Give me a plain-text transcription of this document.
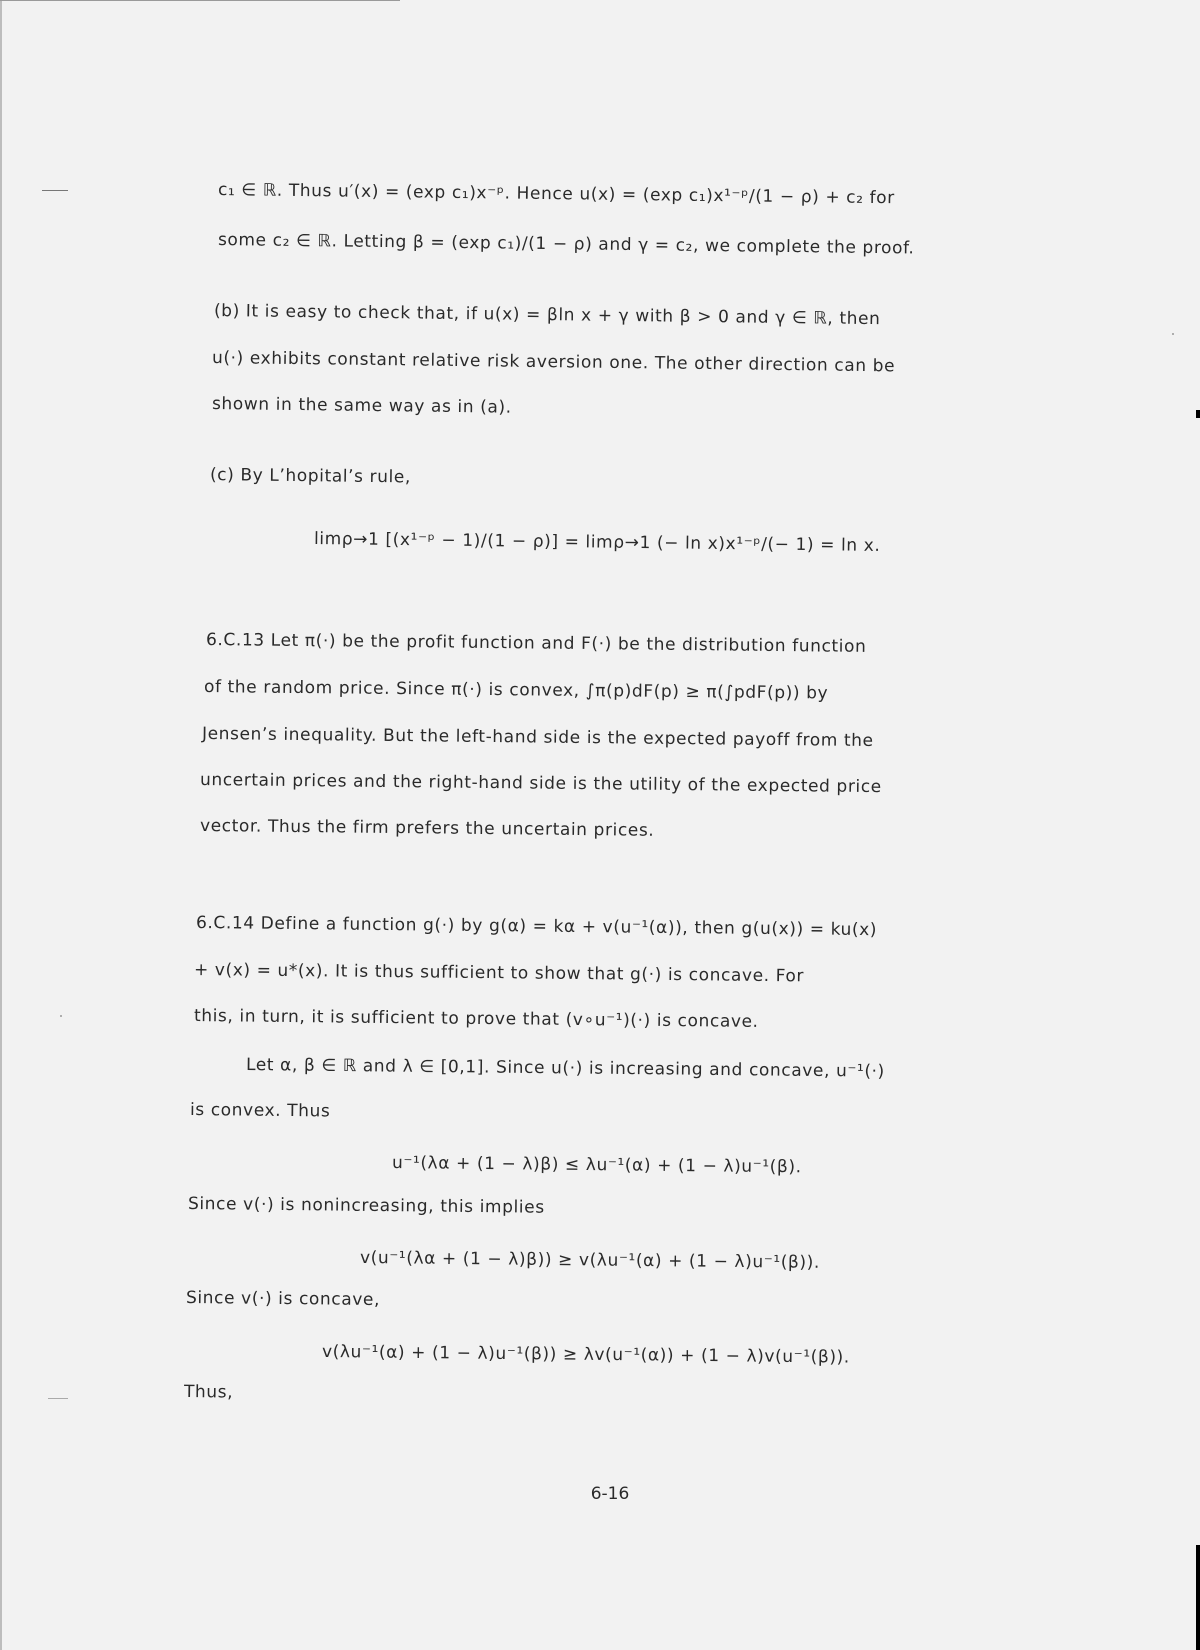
c₁ ∈ ℝ. Thus u′(x) = (exp c₁)x⁻ᵖ. Hence u(x) = (exp c₁)x¹⁻ᵖ/(1 − ρ) + c₂ for
some c₂ ∈ ℝ. Letting β = (exp c₁)/(1 − ρ) and γ = c₂, we complete the proof.
(b) It is easy to check that, if u(x) = βln x + γ with β > 0 and γ ∈ ℝ, then
u(·) exhibits constant relative risk aversion one. The other direction can be
shown in the same way as in (a).
(c) By L’hopital’s rule,
limρ→1 [(x¹⁻ᵖ − 1)/(1 − ρ)] = limρ→1 (− ln x)x¹⁻ᵖ/(− 1) = ln x.
6.C.13 Let π(·) be the profit function and F(·) be the distribution function
of the random price. Since π(·) is convex, ∫π(p)dF(p) ≥ π(∫pdF(p)) by
Jensen’s inequality. But the left-hand side is the expected payoff from the
uncertain prices and the right-hand side is the utility of the expected price
vector. Thus the firm prefers the uncertain prices.
6.C.14 Define a function g(·) by g(α) = kα + v(u⁻¹(α)), then g(u(x)) = ku(x)
+ v(x) = u*(x). It is thus sufficient to show that g(·) is concave. For
this, in turn, it is sufficient to prove that (v∘u⁻¹)(·) is concave.
Let α, β ∈ ℝ and λ ∈ [0,1]. Since u(·) is increasing and concave, u⁻¹(·)
is convex. Thus
u⁻¹(λα + (1 − λ)β) ≤ λu⁻¹(α) + (1 − λ)u⁻¹(β).
Since v(·) is nonincreasing, this implies
v(u⁻¹(λα + (1 − λ)β)) ≥ v(λu⁻¹(α) + (1 − λ)u⁻¹(β)).
Since v(·) is concave,
v(λu⁻¹(α) + (1 − λ)u⁻¹(β)) ≥ λv(u⁻¹(α)) + (1 − λ)v(u⁻¹(β)).
Thus,
6-16
